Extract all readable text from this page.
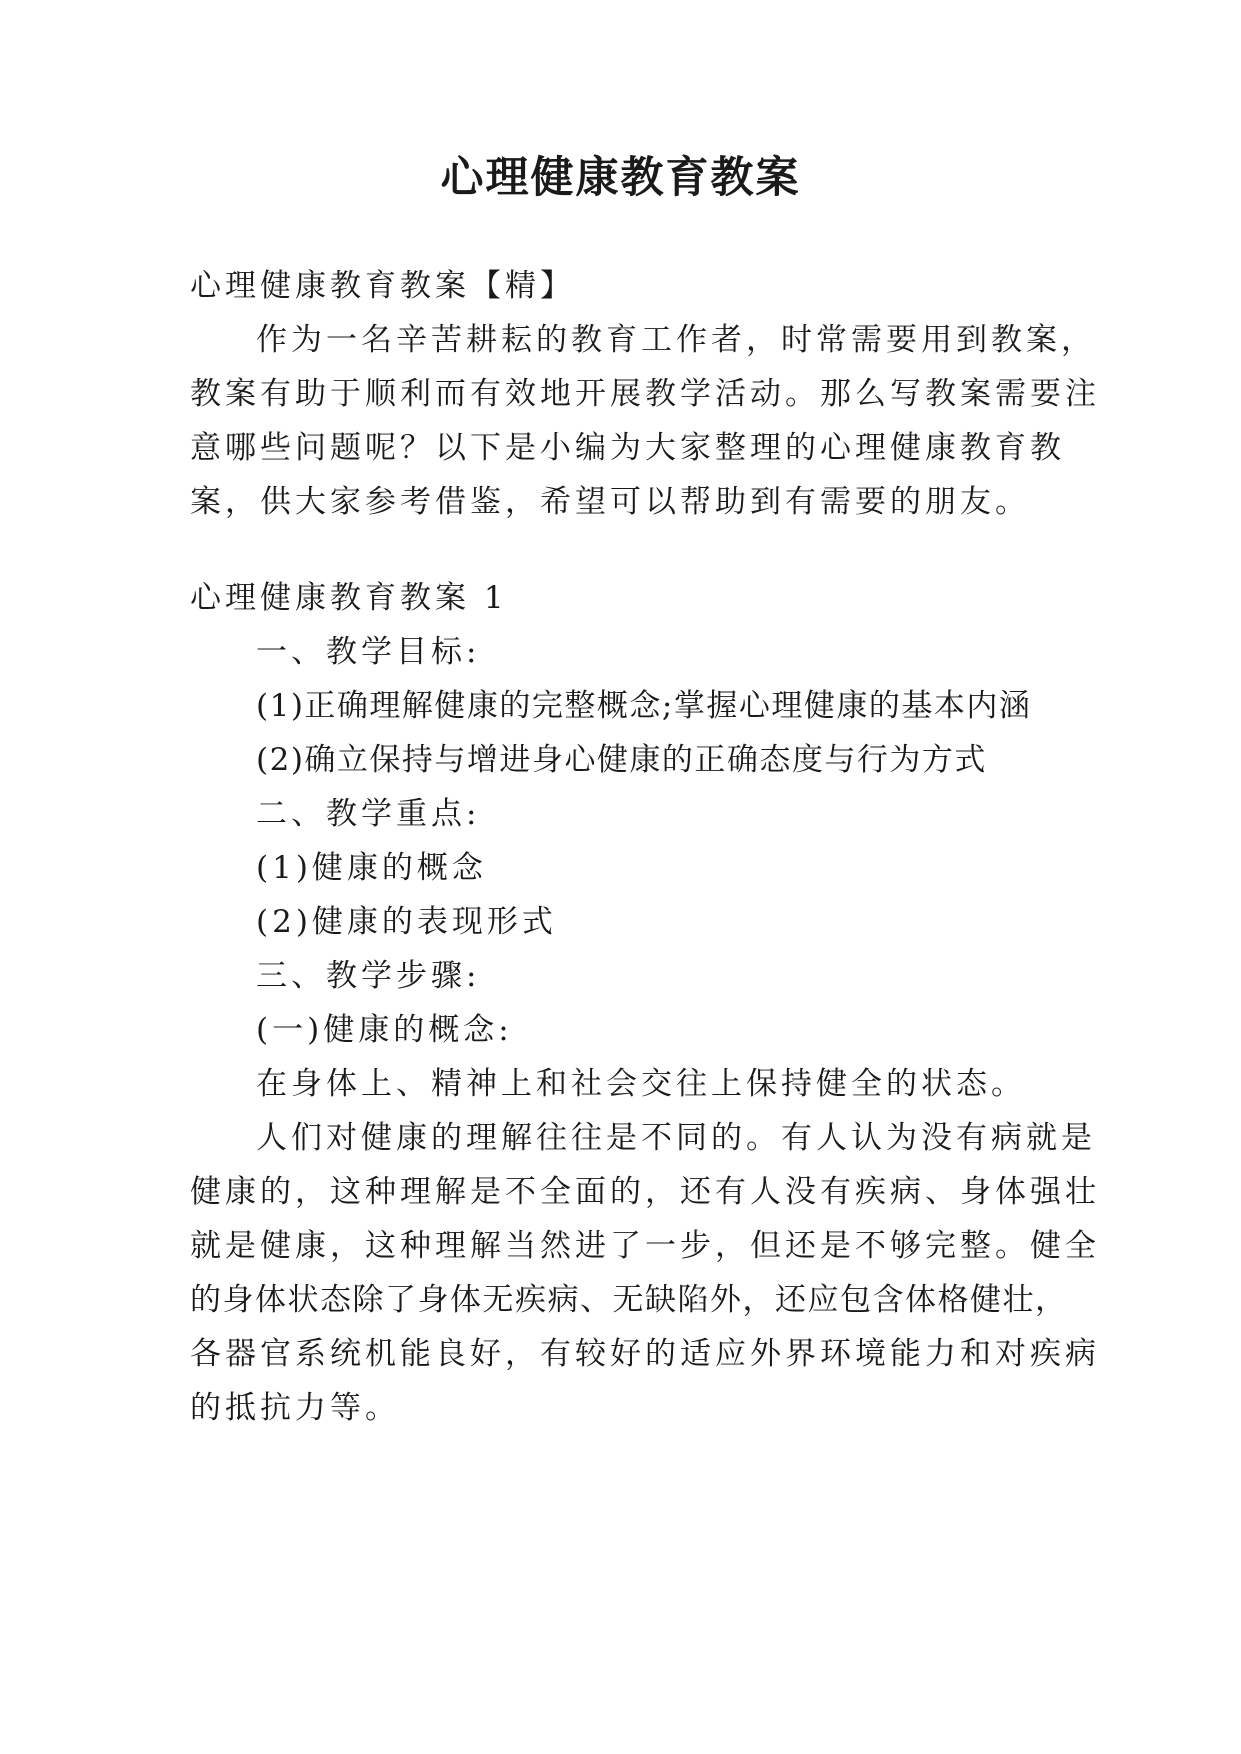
心理健康教育教案

心理健康教育教案【精】

作为一名辛苦耕耘的教育工作者，时常需要用到教案，

教案有助于顺利而有效地开展教学活动。那么写教案需要注

意哪些问题呢？以下是小编为大家整理的心理健康教育教

案，供大家参考借鉴，希望可以帮助到有需要的朋友。

心理健康教育教案 1

一、教学目标:

(1)正确理解健康的完整概念;掌握心理健康的基本内涵

(2)确立保持与增进身心健康的正确态度与行为方式

二、教学重点:

(1)健康的概念

(2)健康的表现形式

三、教学步骤:

(一)健康的概念:

在身体上、精神上和社会交往上保持健全的状态。

人们对健康的理解往往是不同的。有人认为没有病就是

健康的，这种理解是不全面的，还有人没有疾病、身体强壮

就是健康，这种理解当然进了一步，但还是不够完整。健全

的身体状态除了身体无疾病、无缺陷外，还应包含体格健壮，

各器官系统机能良好，有较好的适应外界环境能力和对疾病

的抵抗力等。
